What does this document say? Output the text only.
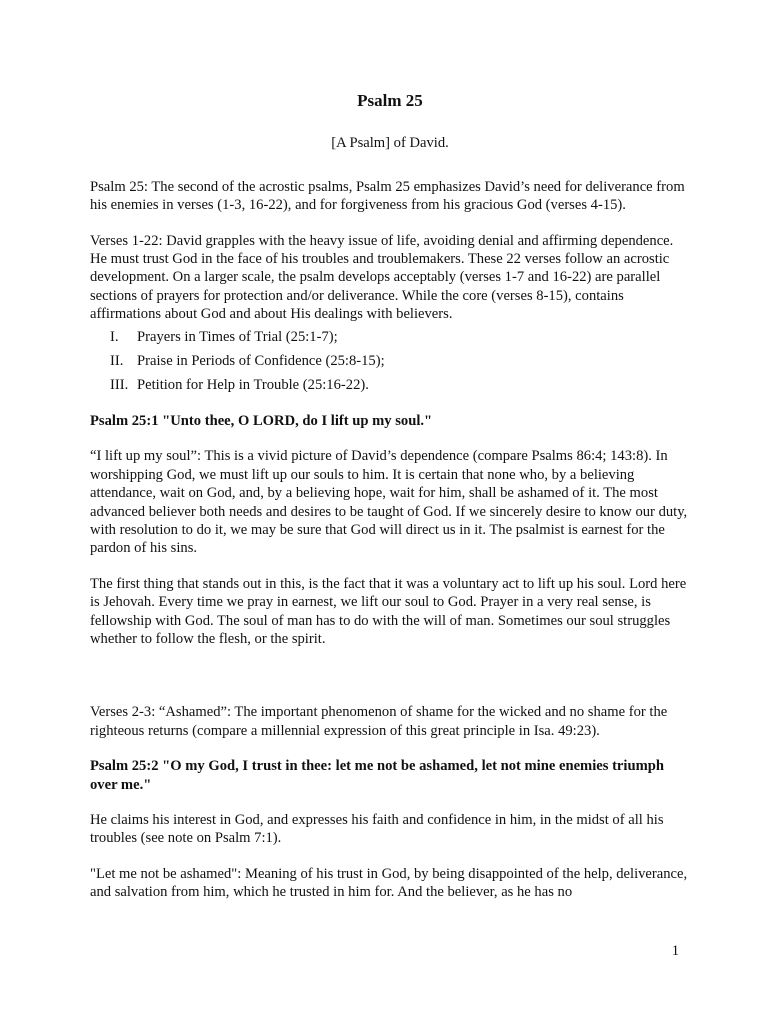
Psalm 25
[A Psalm] of David.

Psalm 25: The second of the acrostic psalms, Psalm 25 emphasizes David’s need for deliverance from his enemies in verses (1-3, 16-22), and for forgiveness from his gracious God (verses 4-15).

Verses 1-22: David grapples with the heavy issue of life, avoiding denial and affirming dependence. He must trust God in the face of his troubles and troublemakers. These 22 verses follow an acrostic development. On a larger scale, the psalm develops acceptably (verses 1-7 and 16-22) are parallel sections of prayers for protection and/or deliverance. While the core (verses 8-15), contains affirmations about God and about His dealings with believers.

I. Prayers in Times of Trial (25:1-7);
II. Praise in Periods of Confidence (25:8-15);
III. Petition for Help in Trouble (25:16-22).

Psalm 25:1 "Unto thee, O LORD, do I lift up my soul."

“I lift up my soul”: This is a vivid picture of David’s dependence (compare Psalms 86:4; 143:8). In worshipping God, we must lift up our souls to him. It is certain that none who, by a believing attendance, wait on God, and, by a believing hope, wait for him, shall be ashamed of it. The most advanced believer both needs and desires to be taught of God. If we sincerely desire to know our duty, with resolution to do it, we may be sure that God will direct us in it. The psalmist is earnest for the pardon of his sins.

The first thing that stands out in this, is the fact that it was a voluntary act to lift up his soul. Lord here is Jehovah. Every time we pray in earnest, we lift our soul to God. Prayer in a very real sense, is fellowship with God. The soul of man has to do with the will of man. Sometimes our soul struggles whether to follow the flesh, or the spirit.

Verses 2-3: “Ashamed”: The important phenomenon of shame for the wicked and no shame for the righteous returns (compare a millennial expression of this great principle in Isa. 49:23).

Psalm 25:2 "O my God, I trust in thee: let me not be ashamed, let not mine enemies triumph over me."

He claims his interest in God, and expresses his faith and confidence in him, in the midst of all his troubles (see note on Psalm 7:1).

"Let me not be ashamed": Meaning of his trust in God, by being disappointed of the help, deliverance, and salvation from him, which he trusted in him for. And the believer, as he has no

1
